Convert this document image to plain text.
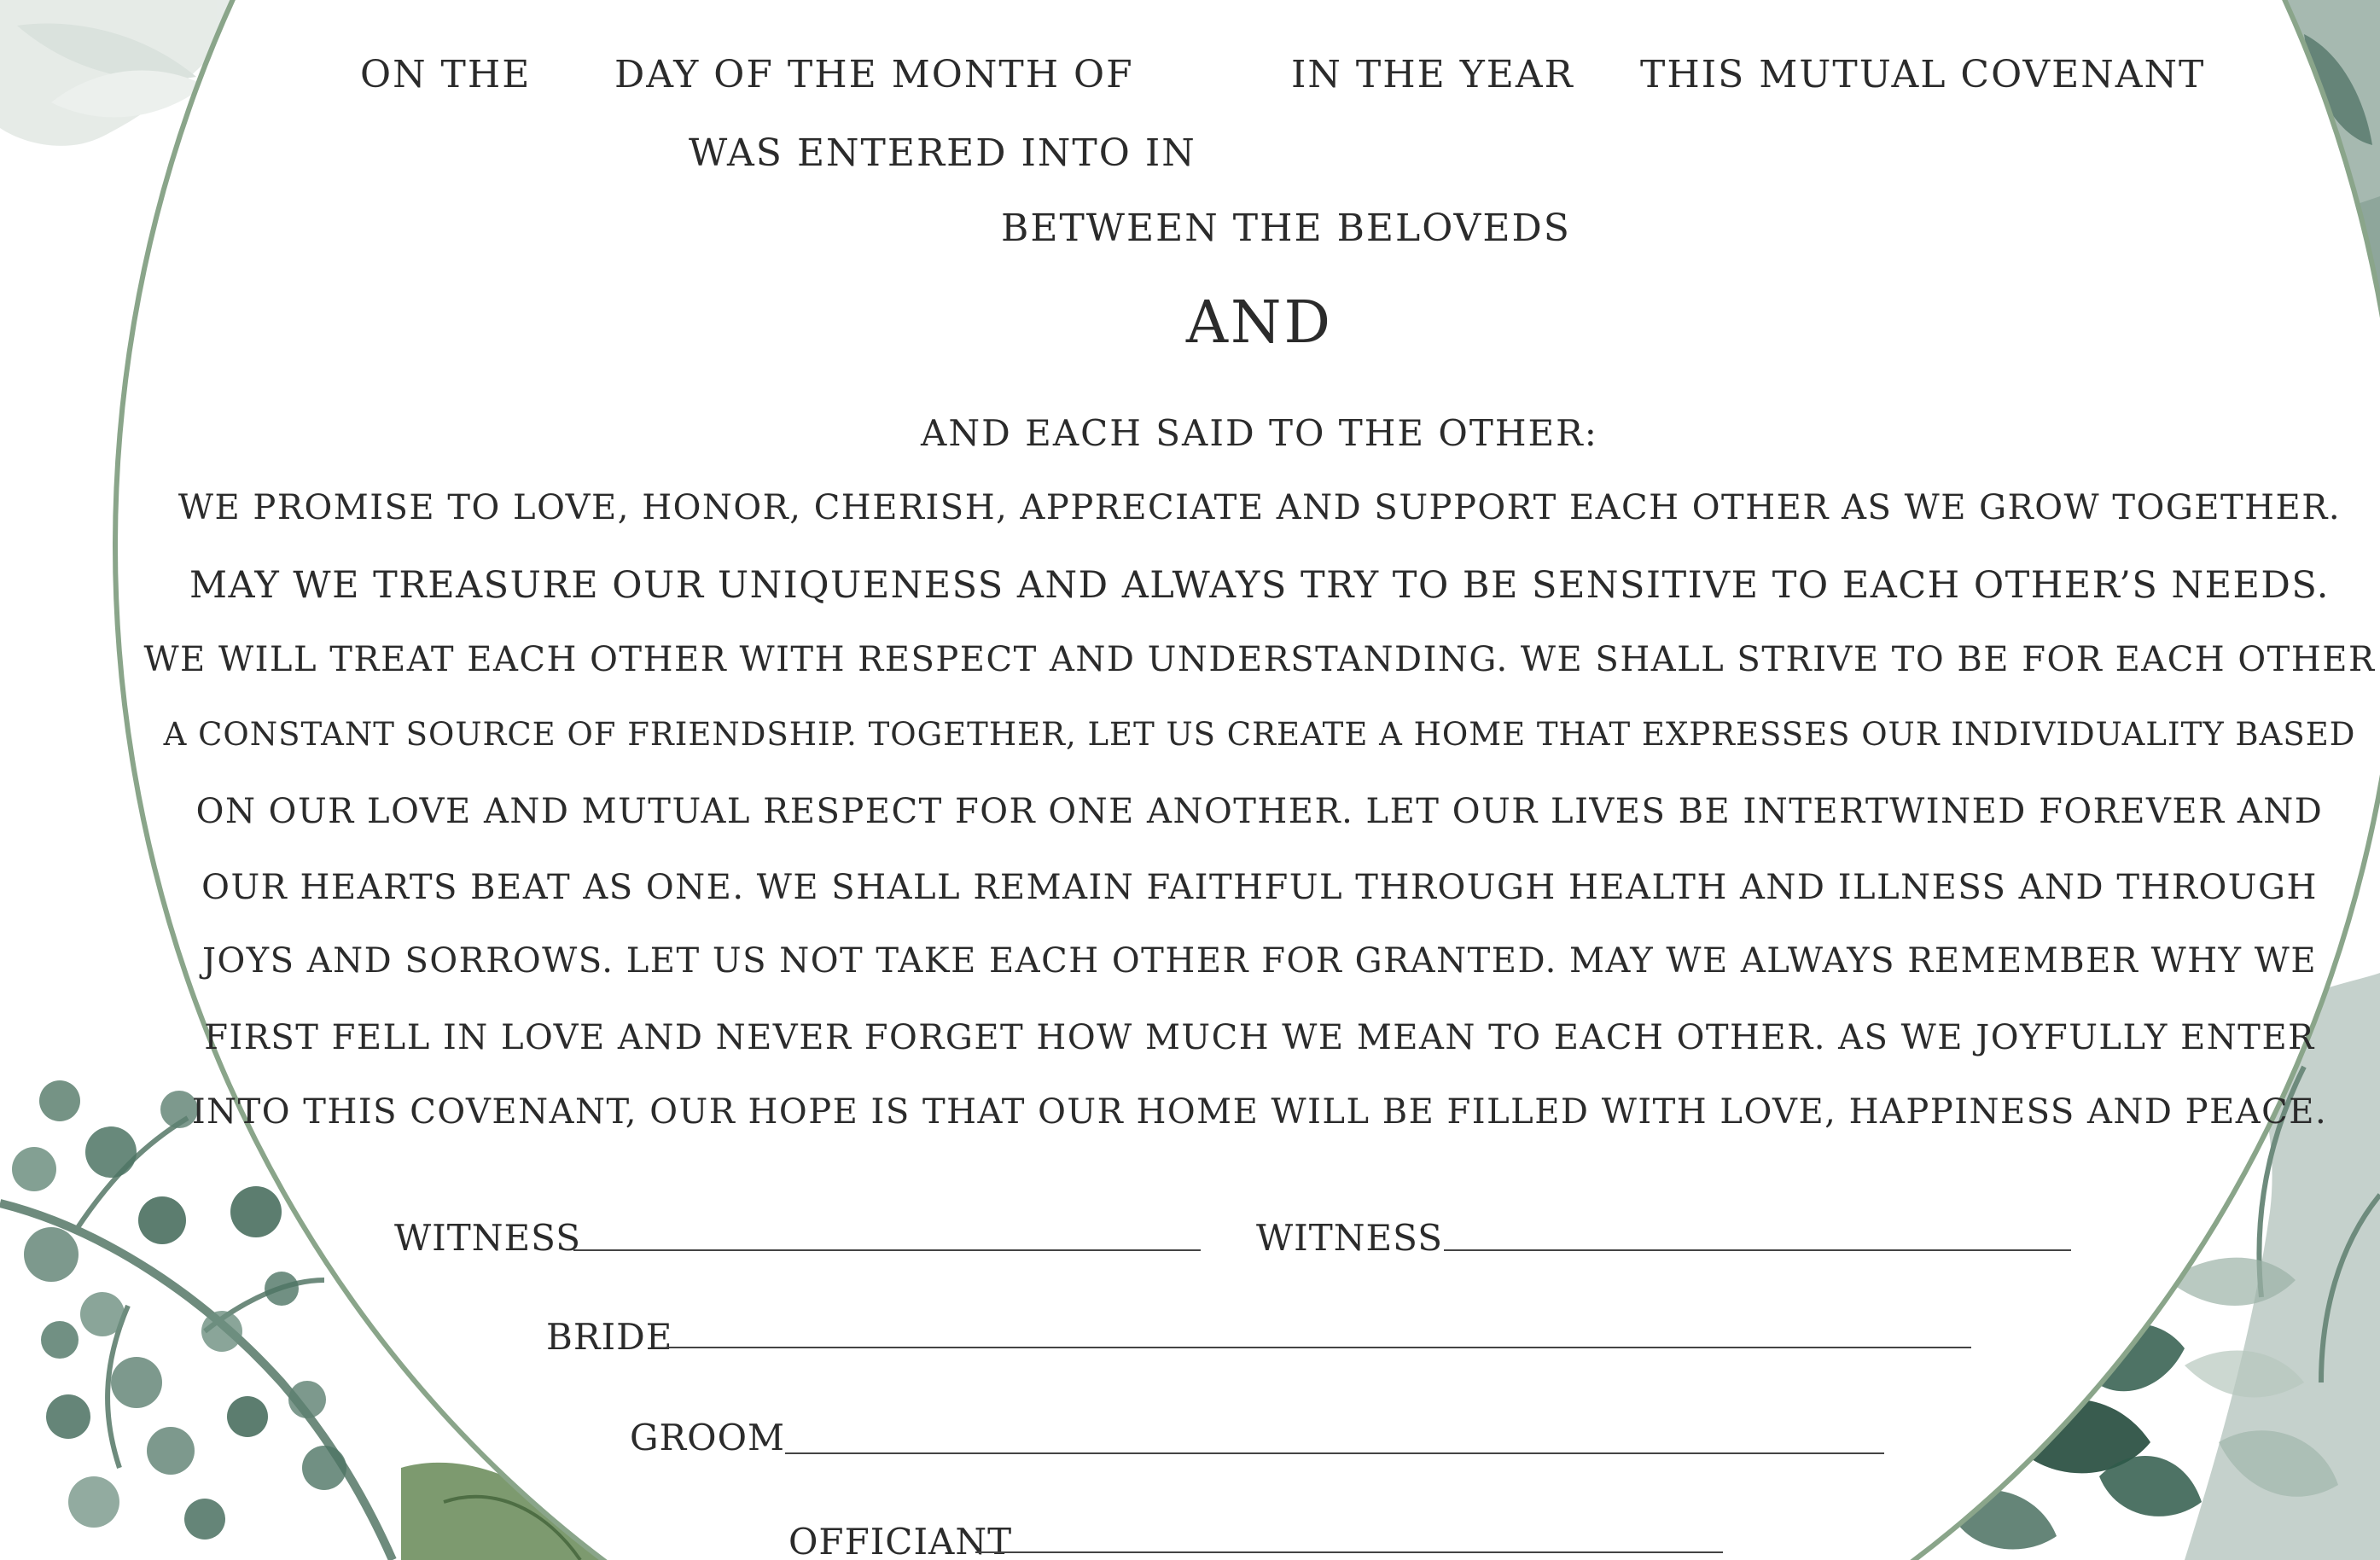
ON THE DAY OF THE MONTH OF	IN THE YEAR THIS MUTUAL COVENANT
WAS ENTERED INTO IN
BETWEEN THE BELOVEDS
AND
AND EACH SAID TO THE OTHER:
WE PROMISE TO LOVE, HONOR, CHERISH, APPRECIATE AND SUPPORT EACH OTHER AS WE GROW TOGETHER.
MAY WE TREASURE OUR UNIQUENESS AND ALWAYS TRY TO BE SENSITIVE TO EACH OTHER’S NEEDS.
WE WILL TREAT EACH OTHER WITH RESPECT AND UNDERSTANDING. WE SHALL STRIVE TO BE FOR EACH OTHER
A CONSTANT SOURCE OF FRIENDSHIP. TOGETHER, LET US CREATE A HOME THAT EXPRESSES OUR INDIVIDUALITY BASED
ON OUR LOVE AND MUTUAL RESPECT FOR ONE ANOTHER. LET OUR LIVES BE INTERTWINED FOREVER AND
OUR HEARTS BEAT AS ONE. WE SHALL REMAIN FAITHFUL THROUGH HEALTH AND ILLNESS AND THROUGH
JOYS AND SORROWS. LET US NOT TAKE EACH OTHER FOR GRANTED. MAY WE ALWAYS REMEMBER WHY WE
FIRST FELL IN LOVE AND NEVER FORGET HOW MUCH WE MEAN TO EACH OTHER. AS WE JOYFULLY ENTER
INTO THIS COVENANT, OUR HOPE IS THAT OUR HOME WILL BE FILLED WITH LOVE, HAPPINESS AND PEACE.
WITNESS	WITNESS
BRIDE
GROOM
OFFICIANT
